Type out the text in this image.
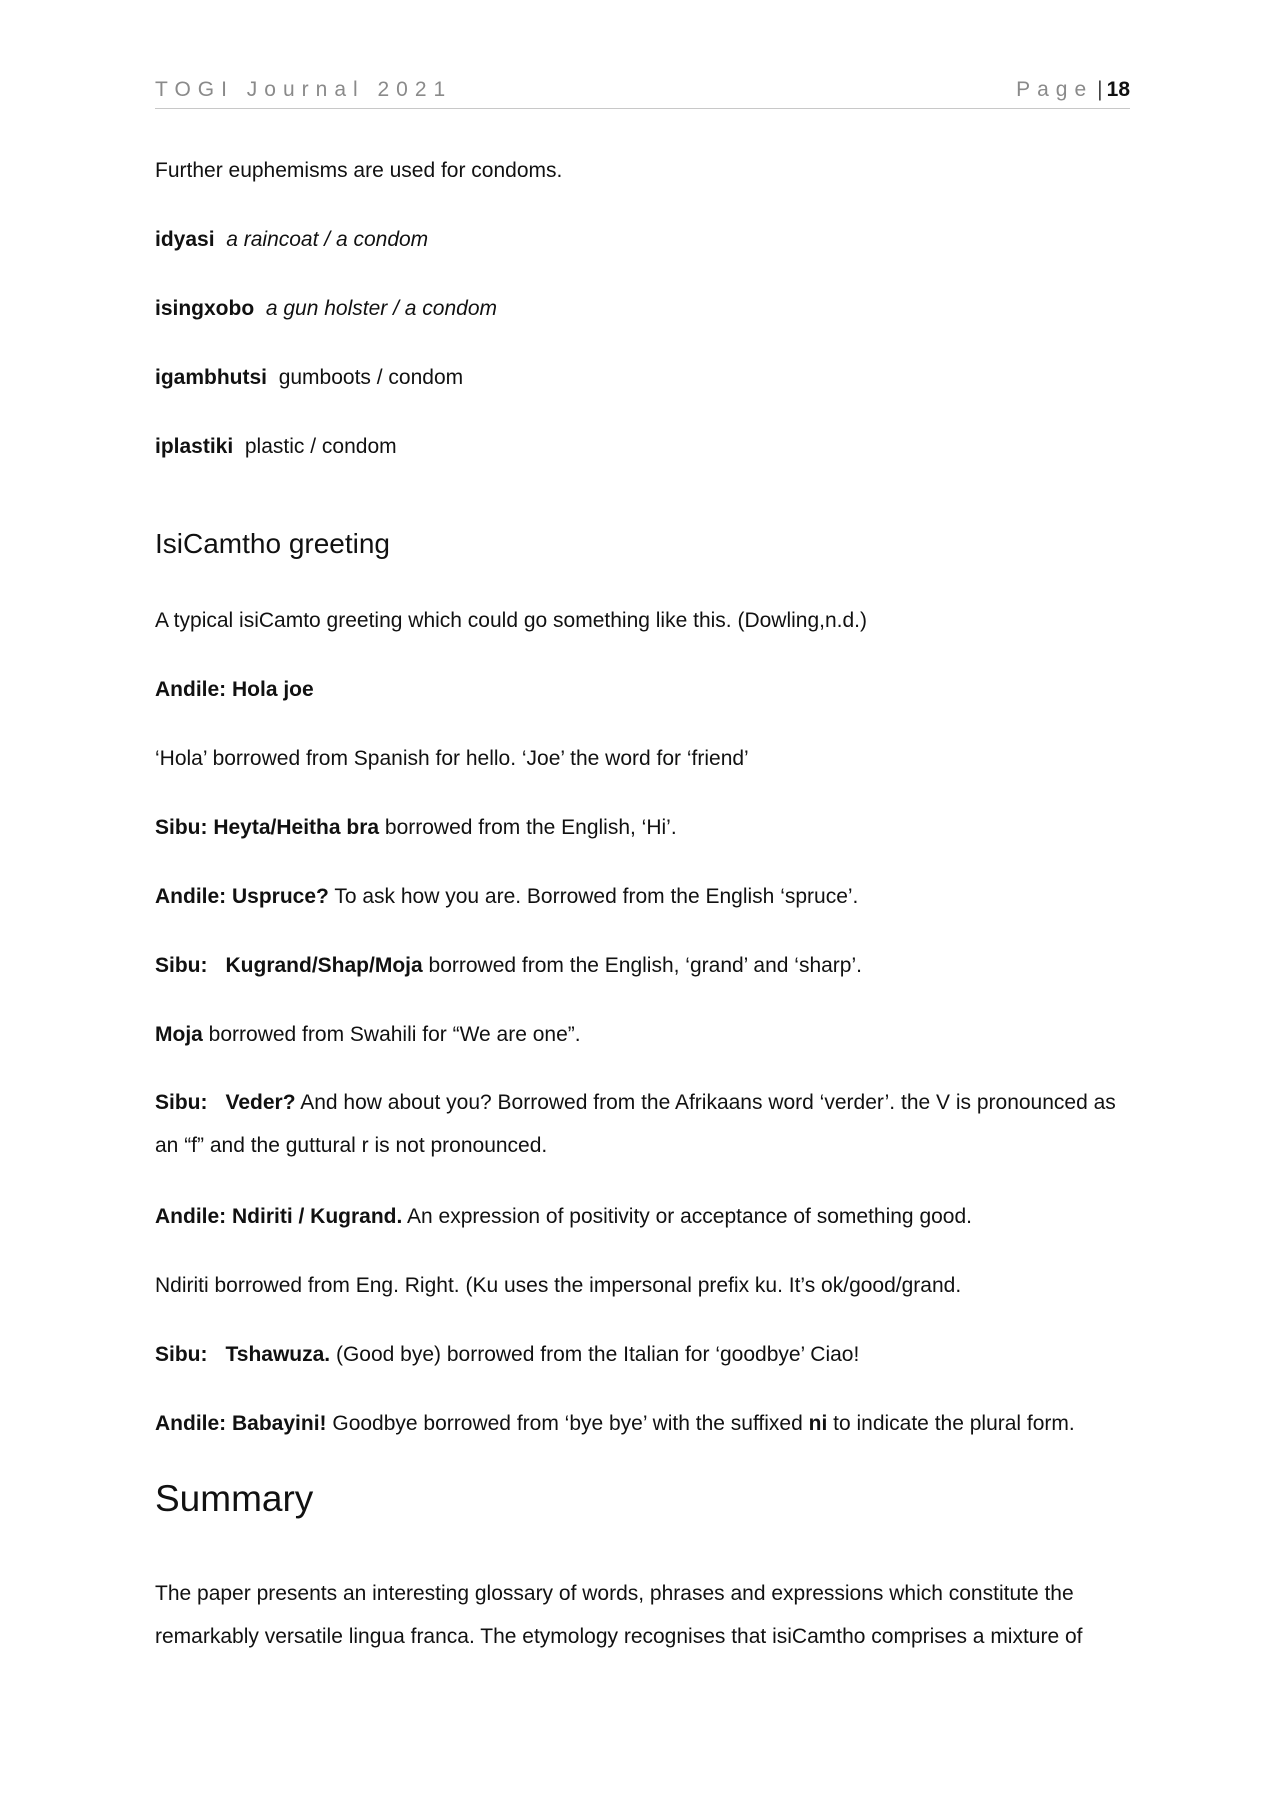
TOGI Journal 2021	Page | 18
Further euphemisms are used for condoms.
idyasi a raincoat / a condom
isingxobo a gun holster / a condom
igambhutsi gumboots / condom
iplastiki plastic / condom
IsiCamtho greeting
A typical isiCamto greeting which could go something like this. (Dowling,n.d.)
Andile: Hola joe
‘Hola’ borrowed from Spanish for hello. ‘Joe’ the word for ‘friend’
Sibu: Heyta/Heitha bra borrowed from the English, ‘Hi’.
Andile: Uspruce? To ask how you are. Borrowed from the English ‘spruce’.
Sibu: Kugrand/Shap/Moja borrowed from the English, ‘grand’ and ‘sharp’.
Moja borrowed from Swahili for “We are one”.
Sibu: Veder? And how about you? Borrowed from the Afrikaans word ‘verder’. the V is pronounced as an “f” and the guttural r is not pronounced.
Andile: Ndiriti / Kugrand. An expression of positivity or acceptance of something good.
Ndiriti borrowed from Eng. Right. (Ku uses the impersonal prefix ku. It’s ok/good/grand.
Sibu: Tshawuza. (Good bye) borrowed from the Italian for ‘goodbye’ Ciao!
Andile: Babayini! Goodbye borrowed from ‘bye bye’ with the suffixed ni to indicate the plural form.
Summary
The paper presents an interesting glossary of words, phrases and expressions which constitute the remarkably versatile lingua franca. The etymology recognises that isiCamtho comprises a mixture of
